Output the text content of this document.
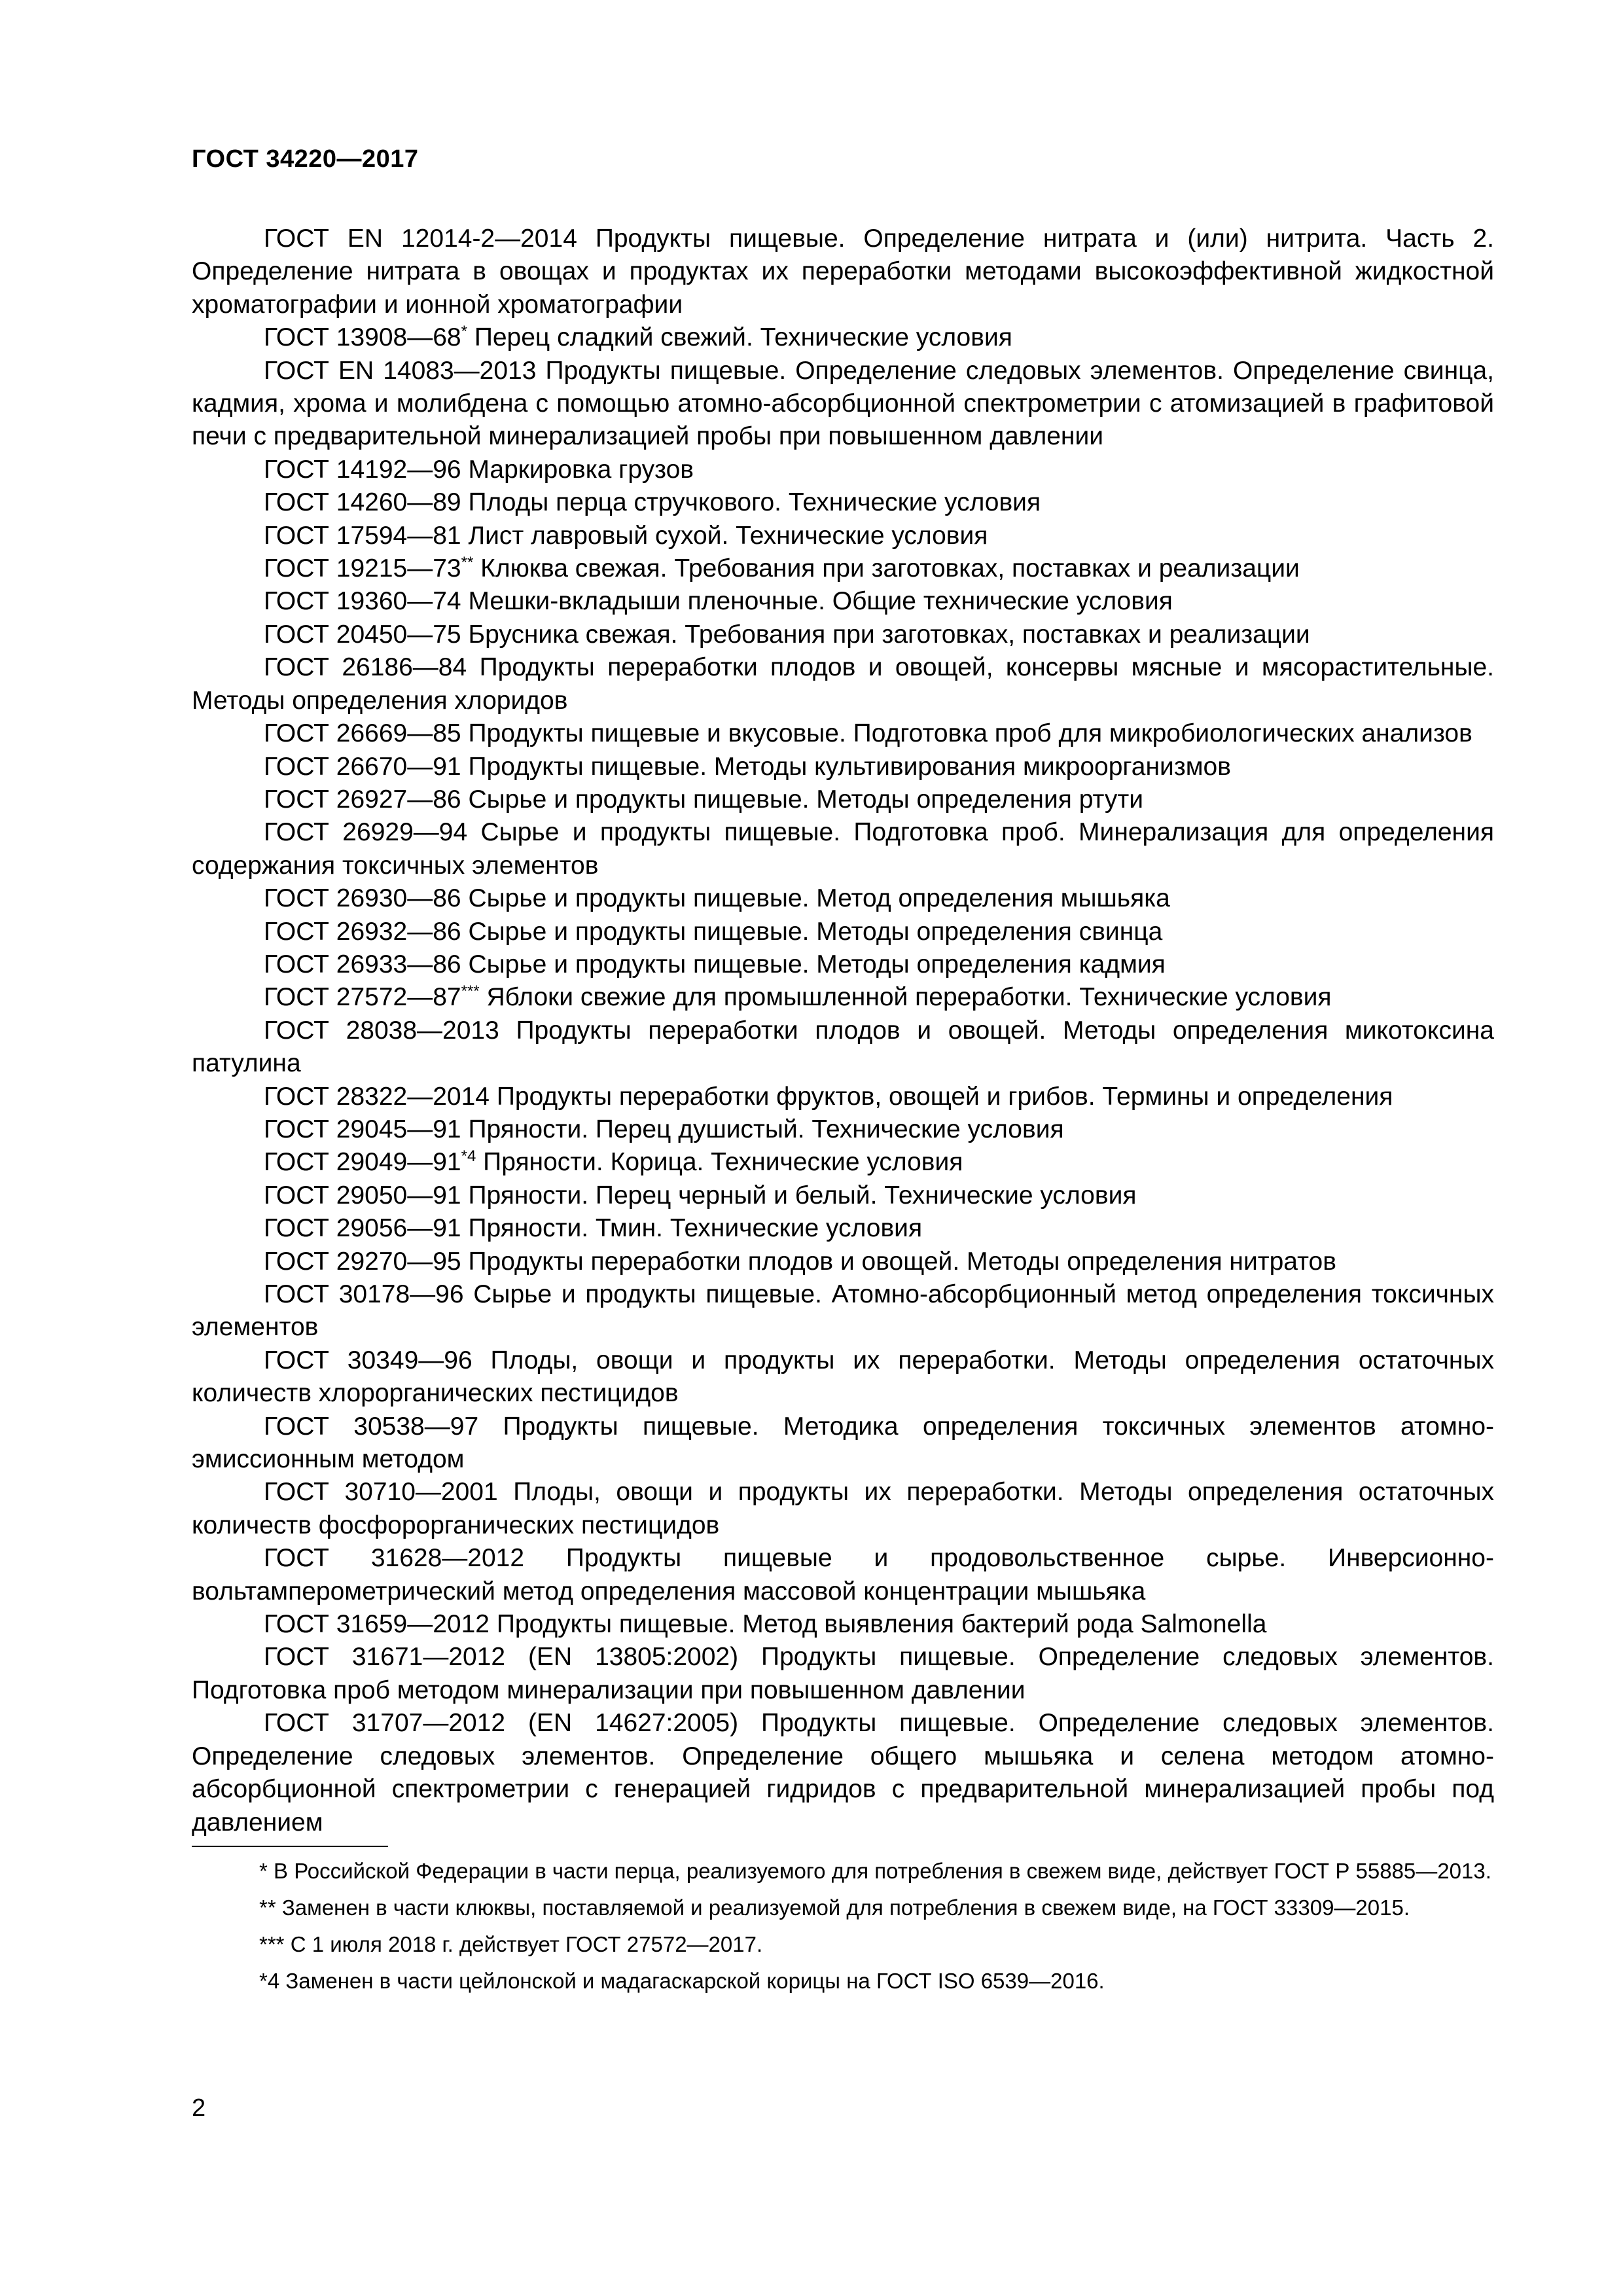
ГОСТ 34220—2017

ГОСТ EN 12014-2—2014 Продукты пищевые. Определение нитрата и (или) нитрита. Часть 2. Определение нитрата в овощах и продуктах их переработки методами высокоэффективной жидкостной хроматографии и ионной хроматографии

ГОСТ 13908—68* Перец сладкий свежий. Технические условия

ГОСТ EN 14083—2013 Продукты пищевые. Определение следовых элементов. Определение свинца, кадмия, хрома и молибдена с помощью атомно-абсорбционной спектрометрии с атомизацией в графитовой печи с предварительной минерализацией пробы при повышенном давлении

ГОСТ 14192—96 Маркировка грузов

ГОСТ 14260—89 Плоды перца стручкового. Технические условия

ГОСТ 17594—81 Лист лавровый сухой. Технические условия

ГОСТ 19215—73** Клюква свежая. Требования при заготовках, поставках и реализации

ГОСТ 19360—74 Мешки-вкладыши пленочные. Общие технические условия

ГОСТ 20450—75 Брусника свежая. Требования при заготовках, поставках и реализации

ГОСТ 26186—84 Продукты переработки плодов и овощей, консервы мясные и мясорастительные. Методы определения хлоридов

ГОСТ 26669—85 Продукты пищевые и вкусовые. Подготовка проб для микробиологических анализов

ГОСТ 26670—91 Продукты пищевые. Методы культивирования микроорганизмов

ГОСТ 26927—86 Сырье и продукты пищевые. Методы определения ртути

ГОСТ 26929—94 Сырье и продукты пищевые. Подготовка проб. Минерализация для определения содержания токсичных элементов

ГОСТ 26930—86 Сырье и продукты пищевые. Метод определения мышьяка

ГОСТ 26932—86 Сырье и продукты пищевые. Методы определения свинца

ГОСТ 26933—86 Сырье и продукты пищевые. Методы определения кадмия

ГОСТ 27572—87*** Яблоки свежие для промышленной переработки. Технические условия

ГОСТ 28038—2013 Продукты переработки плодов и овощей. Методы определения микотоксина патулина

ГОСТ 28322—2014 Продукты переработки фруктов, овощей и грибов. Термины и определения

ГОСТ 29045—91 Пряности. Перец душистый. Технические условия

ГОСТ 29049—91$^{*4}$ Пряности. Корица. Технические условия

ГОСТ 29050—91 Пряности. Перец черный и белый. Технические условия

ГОСТ 29056—91 Пряности. Тмин. Технические условия

ГОСТ 29270—95 Продукты переработки плодов и овощей. Методы определения нитратов

ГОСТ 30178—96 Сырье и продукты пищевые. Атомно-абсорбционный метод определения токсичных элементов

ГОСТ 30349—96 Плоды, овощи и продукты их переработки. Методы определения остаточных количеств хлорорганических пестицидов

ГОСТ 30538—97 Продукты пищевые. Методика определения токсичных элементов атомно-эмиссионным методом

ГОСТ 30710—2001 Плоды, овощи и продукты их переработки. Методы определения остаточных количеств фосфорорганических пестицидов

ГОСТ 31628—2012 Продукты пищевые и продовольственное сырье. Инверсионно-вольтамперометрический метод определения массовой концентрации мышьяка

ГОСТ 31659—2012 Продукты пищевые. Метод выявления бактерий рода Salmonella

ГОСТ 31671—2012 (EN 13805:2002) Продукты пищевые. Определение следовых элементов. Подготовка проб методом минерализации при повышенном давлении

ГОСТ 31707—2012 (EN 14627:2005) Продукты пищевые. Определение следовых элементов. Определение следовых элементов. Определение общего мышьяка и селена методом атомно-абсорбционной спектрометрии с генерацией гидридов с предварительной минерализацией пробы под давлением

* В Российской Федерации в части перца, реализуемого для потребления в свежем виде, действует ГОСТ Р 55885—2013.

** Заменен в части клюквы, поставляемой и реализуемой для потребления в свежем виде, на ГОСТ 33309—2015.

*** С 1 июля 2018 г. действует ГОСТ 27572—2017.

*4 Заменен в части цейлонской и мадагаскарской корицы на ГОСТ ISO 6539—2016.

2
